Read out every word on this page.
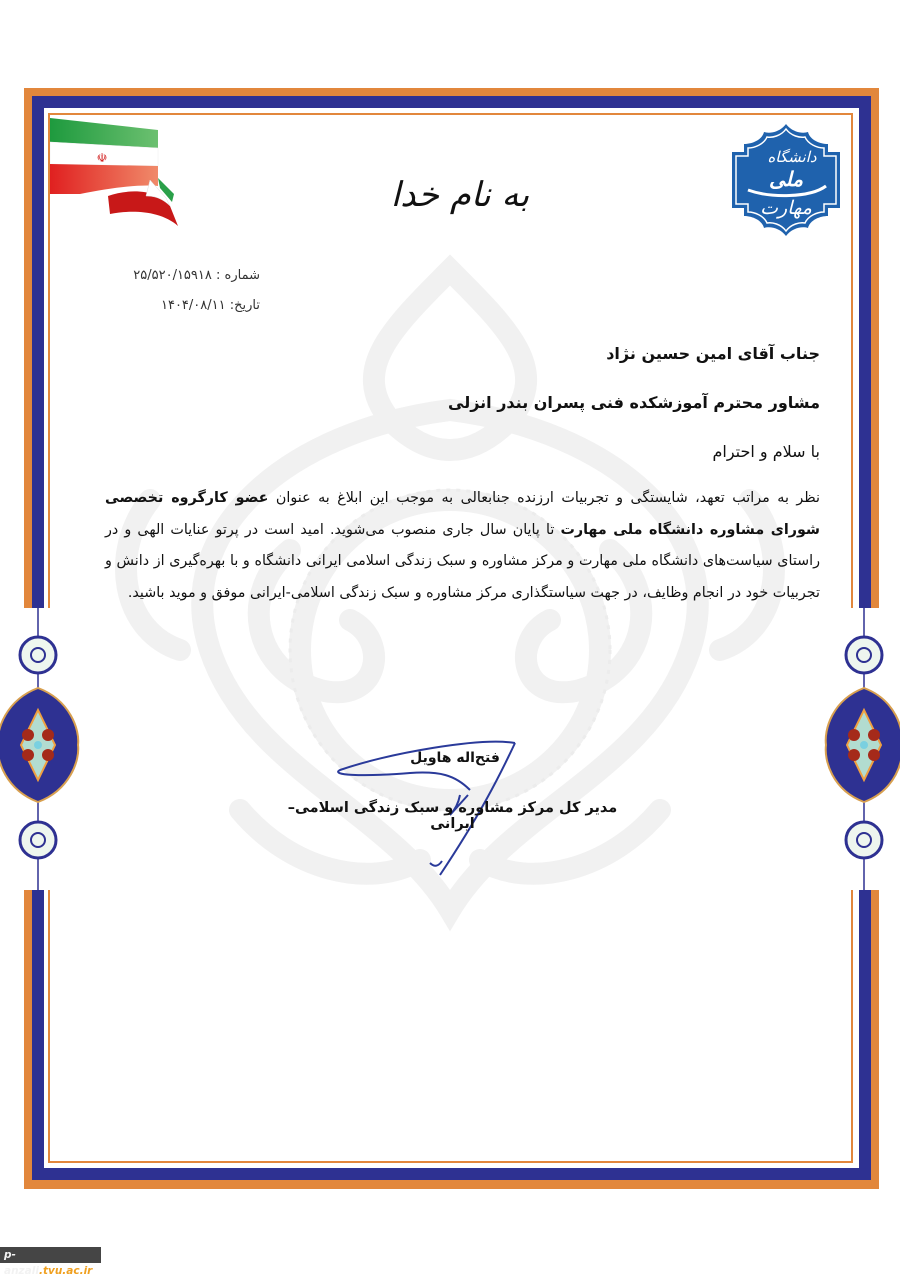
☫	دانشگاه
ملی
مهارت
به نام خدا
شماره : ۲۵/۵۲۰/۱۵۹۱۸
تاریخ: ۱۴۰۴/۰۸/۱۱

جناب آقای امین حسین نژاد

مشاور محترم آموزشکده فنی پسران بندر انزلی

با سلام و احترام

نظر به مراتب تعهد، شایستگی و تجربیات ارزنده جنابعالی به موجب این ابلاغ به عنوان عضو کارگروه تخصصی شورای مشاوره دانشگاه ملی مهارت تا پایان سال جاری منصوب می‌شوید. امید است در پرتو عنایات الهی و در راستای سیاست‌های دانشگاه ملی مهارت و مرکز مشاوره و سبک زندگی اسلامی ایرانی دانشگاه و با بهره‌گیری از دانش و تجربیات خود در انجام وظایف، در جهت سیاستگذاری مرکز مشاوره و سبک زندگی اسلامی-ایرانی موفق و موید باشید.

فتح‌اله هاویل
مدیر کل مرکز مشاوره و سبک زندگی اسلامی– ایرانی
p-anzali.tvu.ac.ir
